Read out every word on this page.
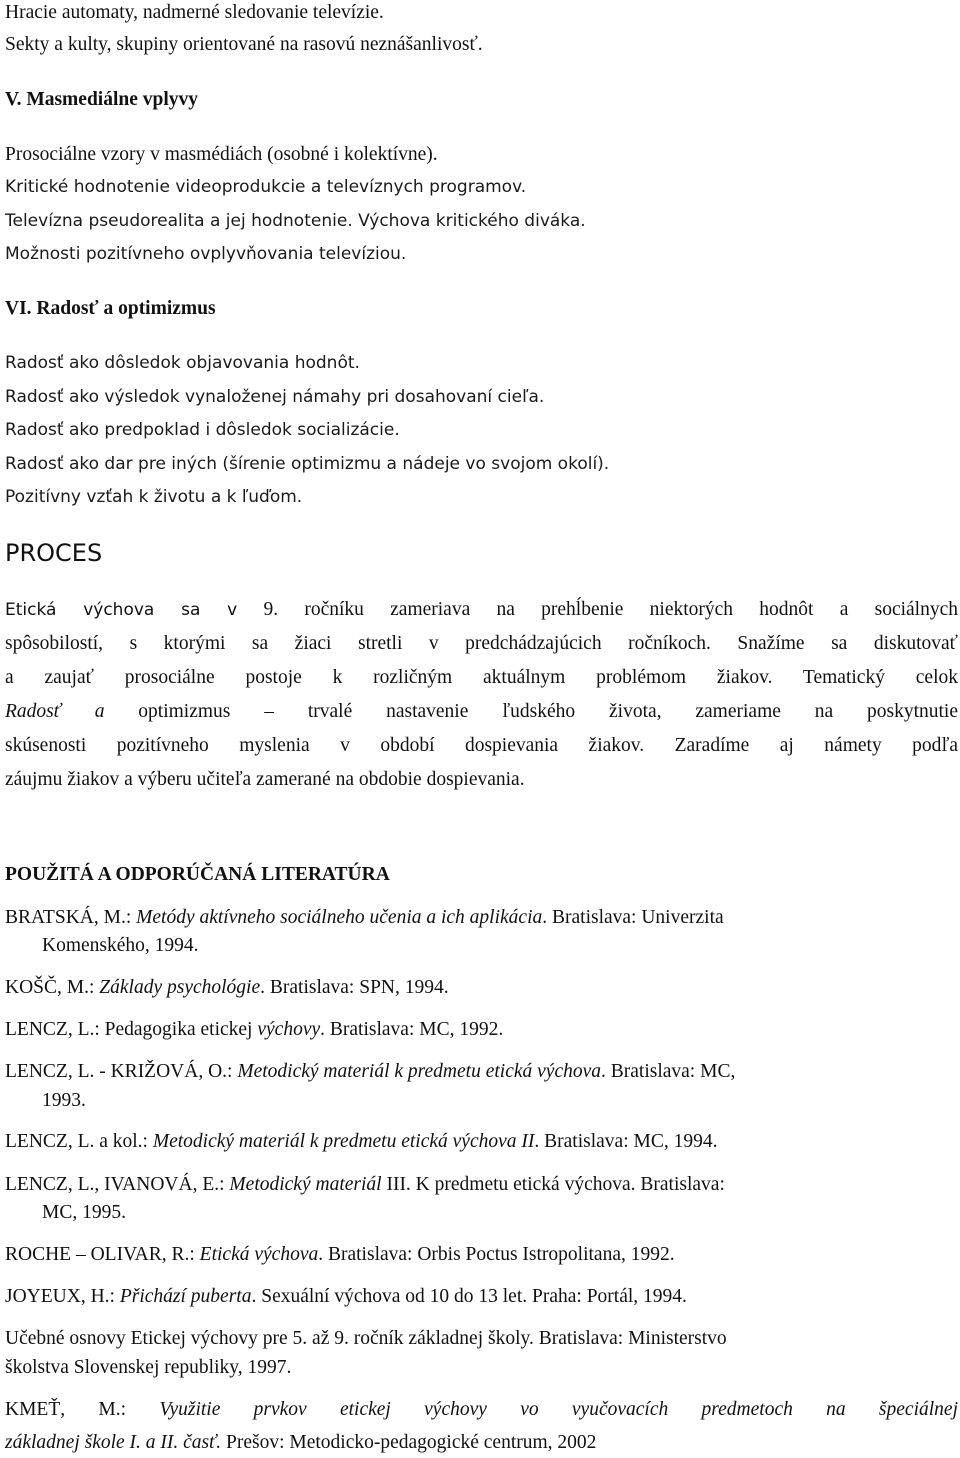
Hracie automaty, nadmerné sledovanie televízie.
Sekty a kulty, skupiny orientované na rasovú neznášanlivosť.
V. Masmediálne vplyvy
Prosociálne vzory v masmédiách (osobné i kolektívne).
Kritické hodnotenie videoprodukcie a televíznych programov.
Televízna pseudorealita a jej hodnotenie. Výchova kritického diváka.
Možnosti pozitívneho ovplyvňovania televíziou.
VI. Radosť a optimizmus
Radosť ako dôsledok objavovania hodnôt.
Radosť ako výsledok vynaloženej námahy pri dosahovaní cieľa.
Radosť ako predpoklad i dôsledok socializácie.
Radosť ako dar pre iných (šírenie optimizmu a nádeje vo svojom okolí).
Pozitívny vzťah k životu a k ľuďom.
PROCES
Etická výchova sa v 9. ročníku zameriava na prehĺbenie niektorých hodnôt a sociálnych
spôsobilostí, s ktorými sa žiaci stretli v predchádzajúcich ročníkoch. Snažíme sa diskutovať
a zaujať prosociálne postoje k rozličným aktuálnym problémom žiakov. Tematický celok
Radosť a optimizmus – trvalé nastavenie ľudského života, zameriame na poskytnutie
skúsenosti pozitívneho myslenia v období dospievania žiakov. Zaradíme aj námety podľa
záujmu žiakov a výberu učiteľa zamerané na obdobie dospievania.
POUŽITÁ A ODPORÚČANÁ LITERATÚRA
BRATSKÁ, M.: Metódy aktívneho sociálneho učenia a ich aplikácia. Bratislava: Univerzita
Komenského, 1994.
KOŠČ, M.: Základy psychológie. Bratislava: SPN, 1994.
LENCZ, L.: Pedagogika etickej výchovy. Bratislava: MC, 1992.
LENCZ, L. - KRIŽOVÁ, O.: Metodický materiál k predmetu etická výchova. Bratislava: MC,
1993.
LENCZ, L. a kol.: Metodický materiál k predmetu etická výchova II. Bratislava: MC, 1994.
LENCZ, L., IVANOVÁ, E.: Metodický materiál III. K predmetu etická výchova. Bratislava:
MC, 1995.
ROCHE – OLIVAR, R.: Etická výchova. Bratislava: Orbis Poctus Istropolitana, 1992.
JOYEUX, H.: Přichází puberta. Sexuální výchova od 10 do 13 let. Praha: Portál, 1994.
Učebné osnovy Etickej výchovy pre 5. až 9. ročník základnej školy. Bratislava: Ministerstvo
školstva Slovenskej republiky, 1997.
KMEŤ, M.: Využitie prvkov etickej výchovy vo vyučovacích predmetoch na špeciálnej
základnej škole I. a II. časť. Prešov: Metodicko-pedagogické centrum, 2002
